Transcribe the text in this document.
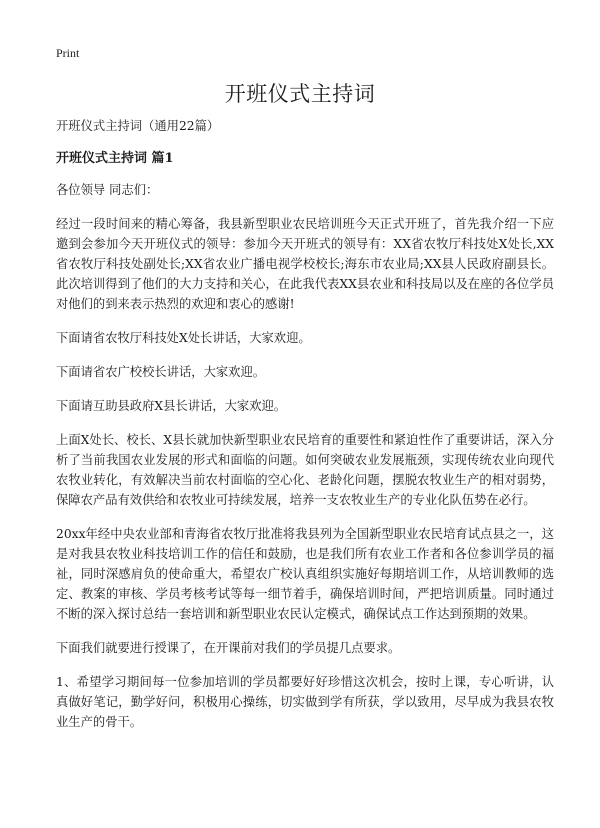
Print
开班仪式主持词

开班仪式主持词（通用22篇）

开班仪式主持词 篇1

各位领导 同志们：

经过一段时间来的精心筹备，我县新型职业农民培训班今天正式开班了，首先我介绍一下应邀到会参加今天开班仪式的领导：参加今天开班式的领导有：XX省农牧厅科技处X处长,XX省农牧厅科技处副处长;XX省农业广播电视学校校长;海东市农业局;XX县人民政府副县长。此次培训得到了他们的大力支持和关心，在此我代表XX县农业和科技局以及在座的各位学员对他们的到来表示热烈的欢迎和衷心的感谢!

下面请省农牧厅科技处X处长讲话，大家欢迎。

下面请省农广校校长讲话，大家欢迎。

下面请互助县政府X县长讲话，大家欢迎。

上面X处长、校长、X县长就加快新型职业农民培育的重要性和紧迫性作了重要讲话，深入分析了当前我国农业发展的形式和面临的问题。如何突破农业发展瓶颈，实现传统农业向现代农牧业转化，有效解决当前农村面临的空心化、老龄化问题，摆脱农牧业生产的相对弱势，保障农产品有效供给和农牧业可持续发展，培养一支农牧业生产的专业化队伍势在必行。

20xx年经中央农业部和青海省农牧厅批准将我县列为全国新型职业农民培育试点县之一，这是对我县农牧业科技培训工作的信任和鼓励，也是我们所有农业工作者和各位参训学员的福祉，同时深感肩负的使命重大，希望农广校认真组织实施好每期培训工作，从培训教师的选定、教案的审核、学员考核考试等每一细节着手，确保培训时间，严把培训质量。同时通过不断的深入探讨总结一套培训和新型职业农民认定模式，确保试点工作达到预期的效果。

下面我们就要进行授课了，在开课前对我们的学员提几点要求。

1、希望学习期间每一位参加培训的学员都要好好珍惜这次机会，按时上课，专心听讲，认真做好笔记，勤学好问，积极用心操练，切实做到学有所获，学以致用，尽早成为我县农牧业生产的骨干。
